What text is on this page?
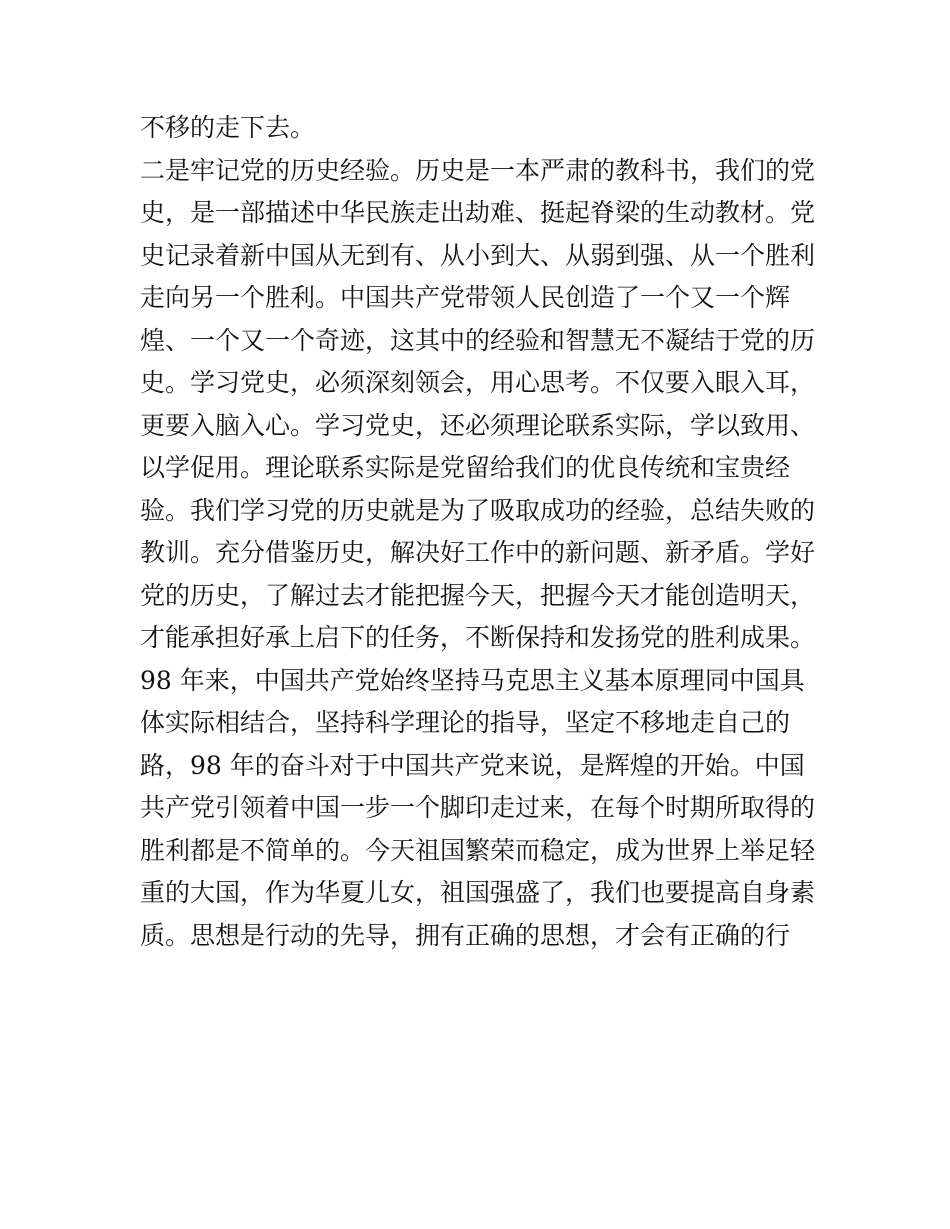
不移的走下去。
二是牢记党的历史经验。历史是一本严肃的教科书，我们的党
史，是一部描述中华民族走出劫难、挺起脊梁的生动教材。党
史记录着新中国从无到有、从小到大、从弱到强、从一个胜利
走向另一个胜利。中国共产党带领人民创造了一个又一个辉
煌、一个又一个奇迹，这其中的经验和智慧无不凝结于党的历
史。学习党史，必须深刻领会，用心思考。不仅要入眼入耳，
更要入脑入心。学习党史，还必须理论联系实际，学以致用、
以学促用。理论联系实际是党留给我们的优良传统和宝贵经
验。我们学习党的历史就是为了吸取成功的经验，总结失败的
教训。充分借鉴历史，解决好工作中的新问题、新矛盾。学好
党的历史，了解过去才能把握今天，把握今天才能创造明天，
才能承担好承上启下的任务，不断保持和发扬党的胜利成果。
98 年来，中国共产党始终坚持马克思主义基本原理同中国具
体实际相结合，坚持科学理论的指导，坚定不移地走自己的
路，98 年的奋斗对于中国共产党来说，是辉煌的开始。中国
共产党引领着中国一步一个脚印走过来，在每个时期所取得的
胜利都是不简单的。今天祖国繁荣而稳定，成为世界上举足轻
重的大国，作为华夏儿女，祖国强盛了，我们也要提高自身素
质。思想是行动的先导，拥有正确的思想，才会有正确的行
